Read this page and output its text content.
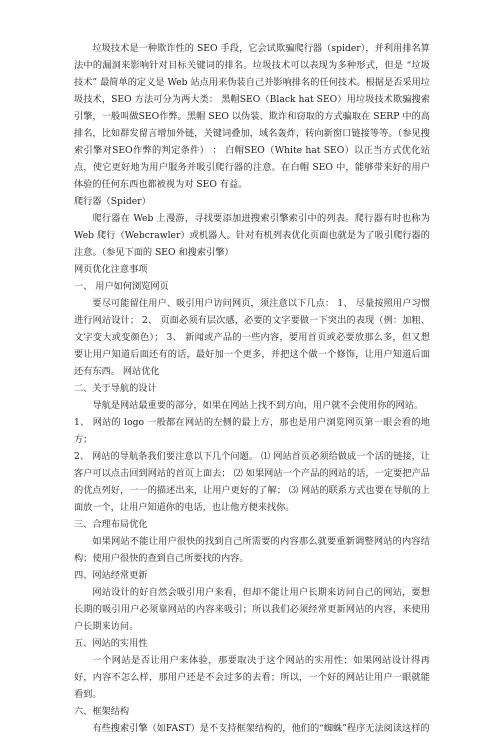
垃圾技术是一种欺诈性的 SEO 手段，它会试欺骗爬行器（spider），并利用排名算法中的漏洞来影响针对目标关键词的排名。垃圾技术可以表现为多种形式，但是 “垃圾技术” 最简单的定义是 Web 站点用来伪装自己并影响排名的任何技术。根据是否采用垃圾技术，SEO 方法可分为两大类： 黑帽SEO（Black hat SEO）用垃圾技术欺骗搜索引擎，一般叫做SEO作弊。黑帽 SEO 以伪装、欺诈和窃取的方式骗取在 SERP 中的高排名，比如群发留言增加外链，关键词叠加，域名轰炸，转向新窗口链接等等。（参见搜索引擎对SEO作弊的判定条件） ： 白帽SEO（White hat SEO）以正当方式优化站点，使它更好地为用户服务并吸引爬行器的注意。在白帽 SEO 中，能够带来好的用户体验的任何东西也都被视为对 SEO 有益。

爬行器（Spider）

爬行器在 Web 上漫游，寻找要添加进搜索引擎索引中的列表。爬行器有时也称为 Web 爬行（Webcrawler）或机器人。针对有机列表优化页面也就是为了吸引爬行器的注意。（参见下面的 SEO 和搜索引擎）

网页优化注意事项

一、 用户如何浏览网页

要尽可能留住用户、吸引用户访问网页，须注意以下几点： 1、 尽量按照用户习惯进行网站设计； 2、 页面必须有层次感，必要的文字要做一下突出的表现（例：加粗、文字变大或变颜色）； 3、 新闻或产品的一些内容，要用首页或必要放那么多，但又想要让用户知道后面还有的话，最好加一个更多，并把这个做一个修饰，让用户知道后面还有东西。 网站优化

二、关于导航的设计

导航是网站最重要的部分，如果在网站上找不到方向，用户就不会使用你的网站。

1、 网站的 logo 一般都在网站的左侧的最上方，那也是用户浏览网页第一眼会看的地方；

2、 网站的导航条我们要注意以下几个问题。 ⑴ 网站首页必须给做成一个活的链接，让客户可以点击回到网站的首页上面去； ⑵ 如果网站一个产品的网站的话，一定要把产品的优点列好，一一的描述出来，让用户更好的了解； ⑶ 网站的联系方式也要在导航的上面放一个，让用户知道你的电话，也让他方便来找你。

三、合理布局优化

如果网站不能让用户很快的找到自己所需要的内容那么就要重新调整网站的内容结构；使用户很快的查到自己所要找的内容。

四、网站经常更新

网站设计的好自然会吸引用户来看，但却不能让用户长期来访问自己的网站，要想长期的吸引用户必须靠网站的内容来吸引；所以我们必须经常更新网站的内容，来使用户长期来访问。

五、网站的实用性

一个网站是否让用户来体验，那要取决于这个网站的实用性；如果网站设计得再好，内容不怎么样，那用户还是不会过多的去看；所以，一个好的网站让用户一眼就能看到。

六、框架结构

有些搜索引擎（如FAST）是不支持框架结构的，他们的“蜘蛛”程序无法阅读这样的
